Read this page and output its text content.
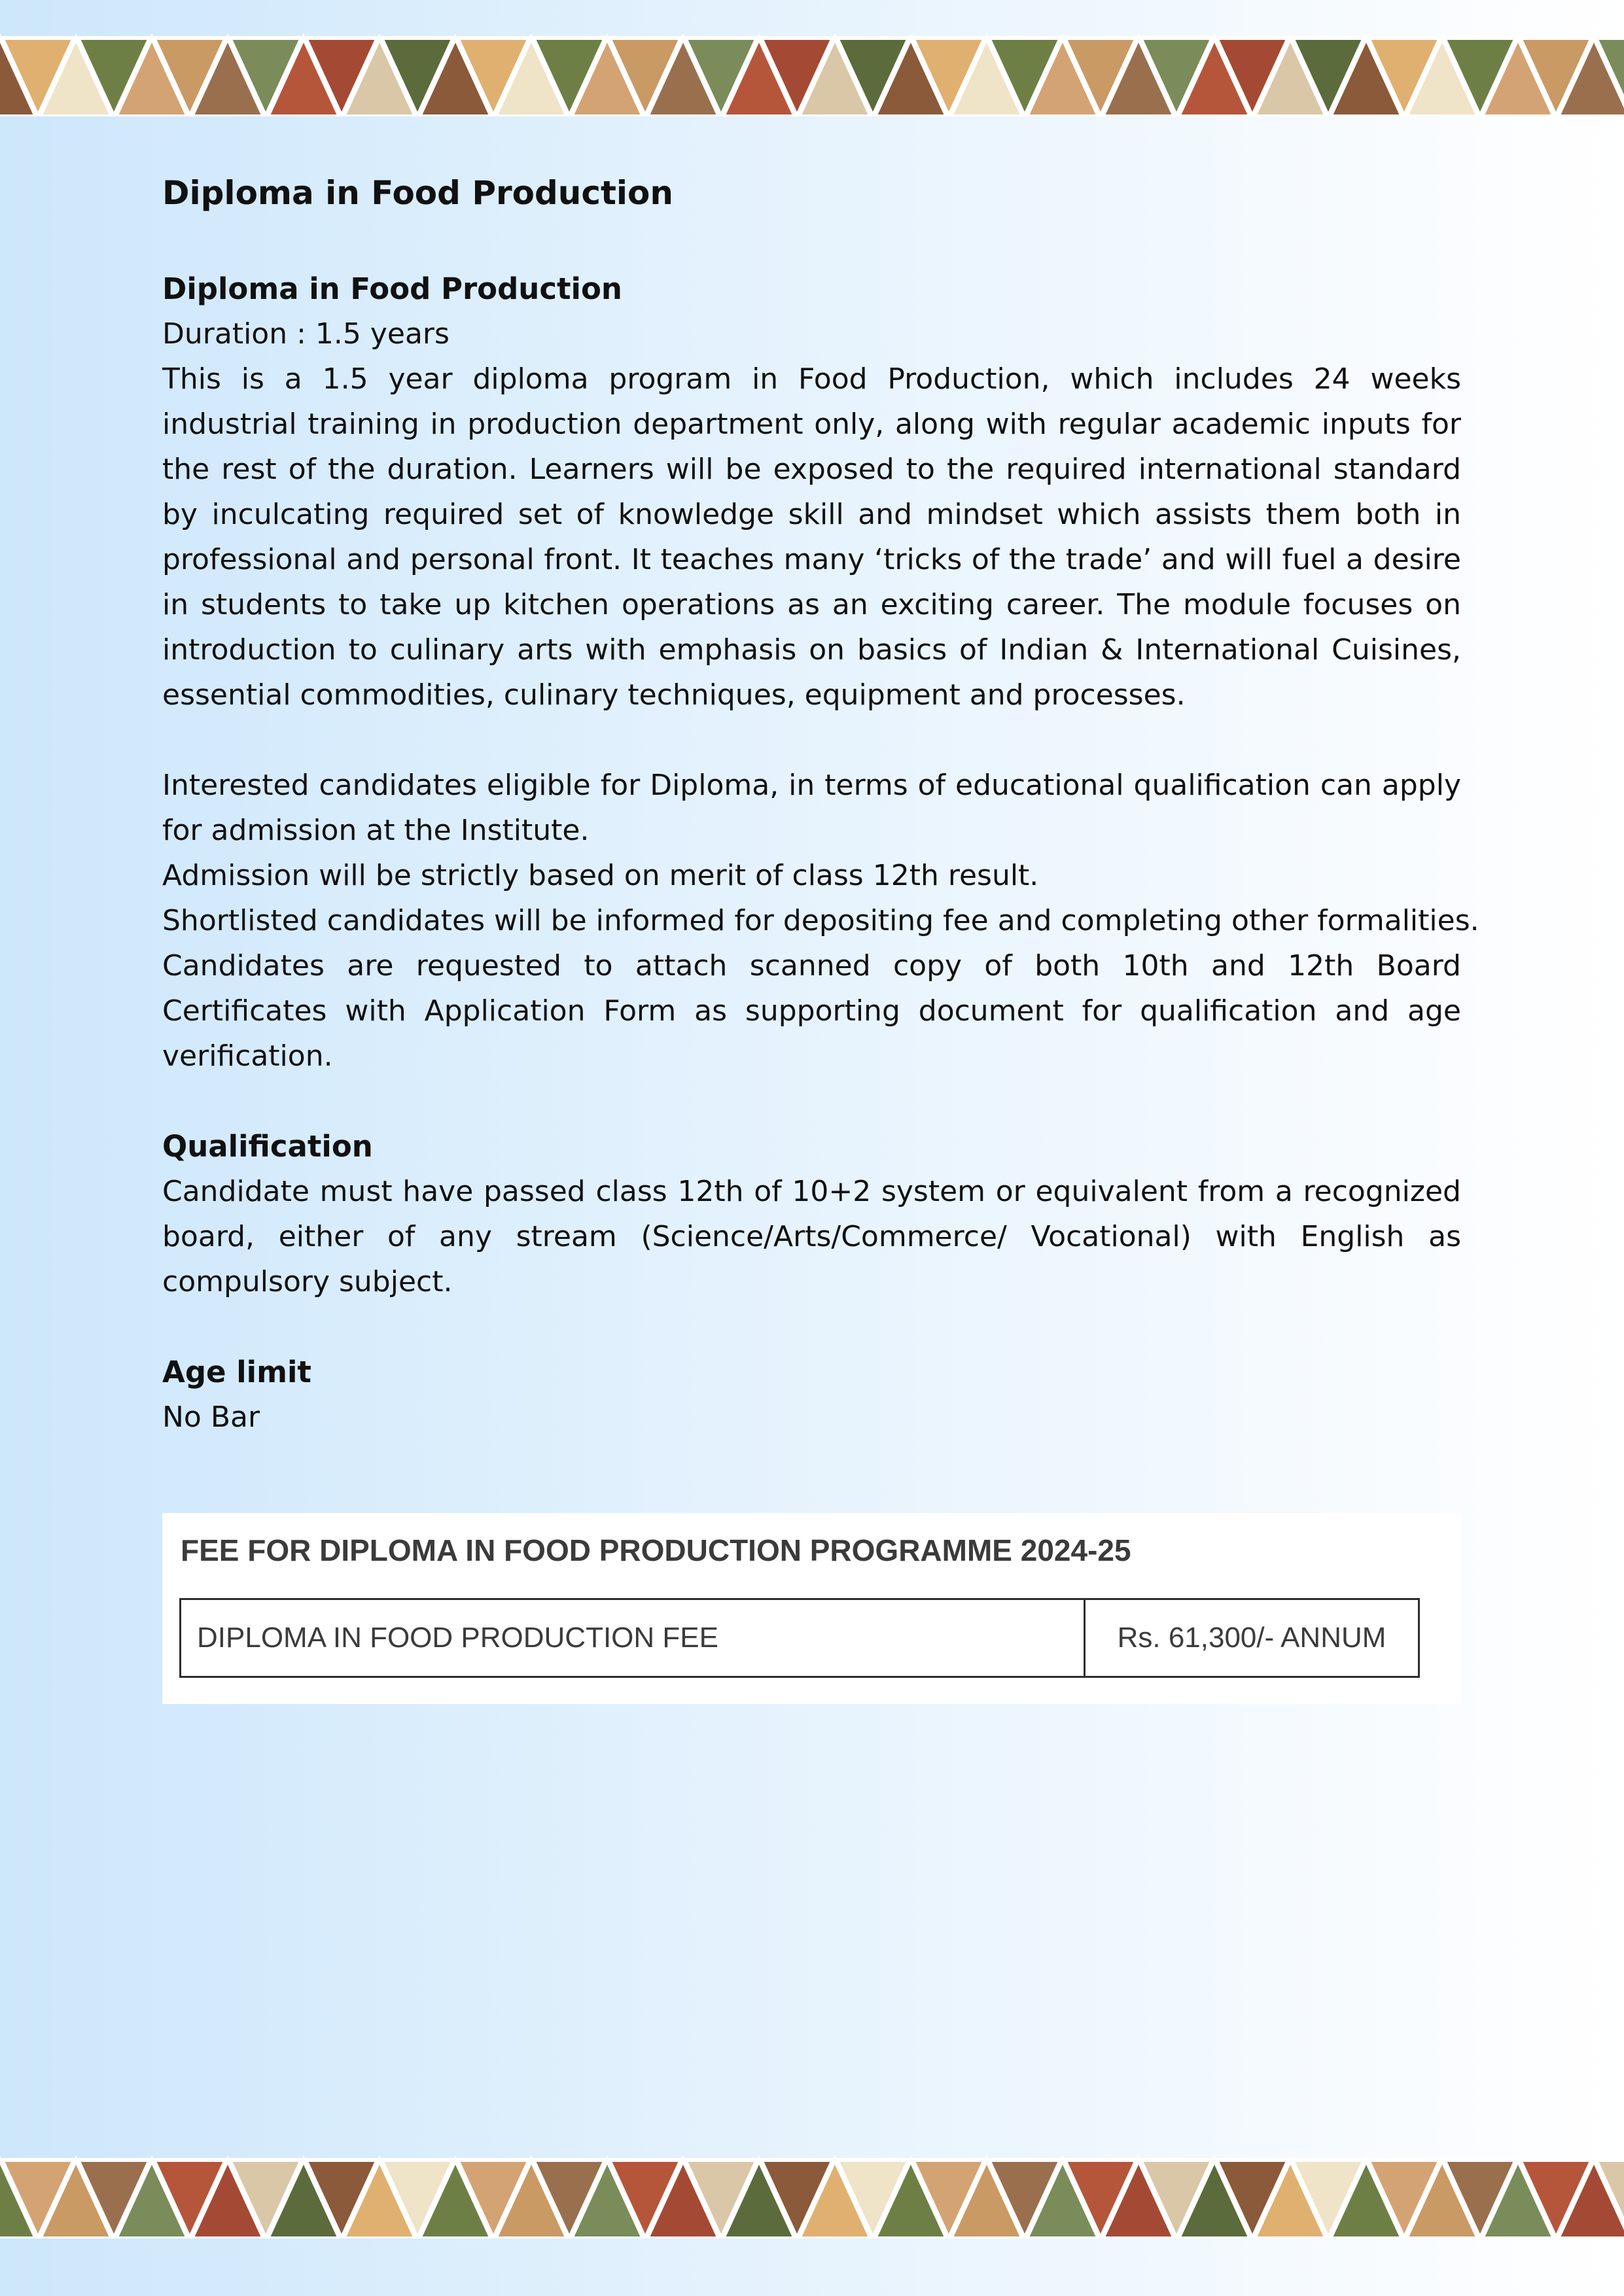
Diploma in Food Production
Diploma in Food Production

Duration : 1.5 years

This is a 1.5 year diploma program in Food Production, which includes 24 weeks industrial training in production department only, along with regular academic inputs for the rest of the duration. Learners will be exposed to the required international standard by inculcating required set of knowledge skill and mindset which assists them both in professional and personal front. It teaches many ‘tricks of the trade’ and will fuel a desire in students to take up kitchen operations as an exciting career. The module focuses on introduction to culinary arts with emphasis on basics of Indian & International Cuisines, essential commodities, culinary techniques, equipment and processes.

Interested candidates eligible for Diploma, in terms of educational qualification can apply for admission at the Institute.

Admission will be strictly based on merit of class 12th result.

Shortlisted candidates will be informed for depositing fee and completing other formalities.

Candidates are requested to attach scanned copy of both 10th and 12th Board Certificates with Application Form as supporting document for qualification and age verification.

Qualification

Candidate must have passed class 12th of 10+2 system or equivalent from a recognized board, either of any stream (Science/Arts/Commerce/ Vocational) with English as compulsory subject.

Age limit

No Bar

FEE FOR DIPLOMA IN FOOD PRODUCTION PROGRAMME 2024-25
DIPLOMA IN FOOD PRODUCTION FEE	Rs. 61,300/- ANNUM
